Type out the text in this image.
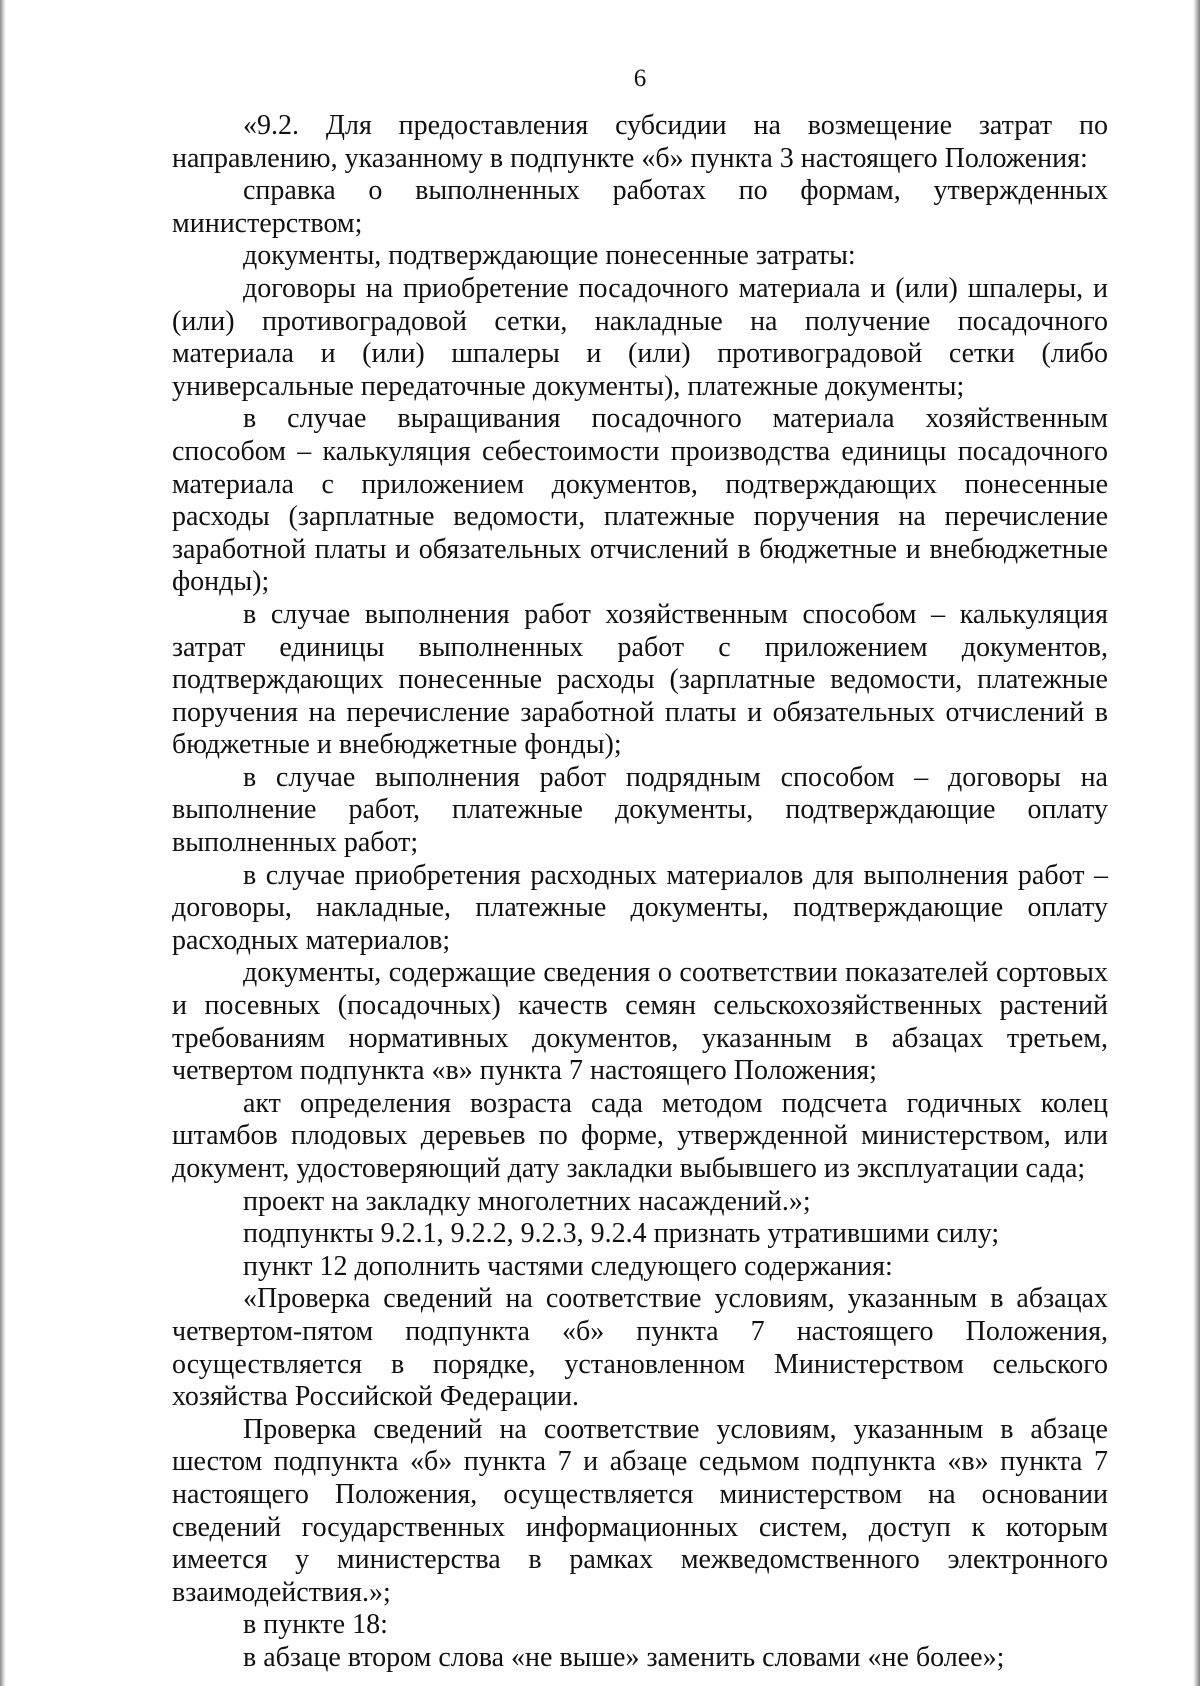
6

«9.2. Для предоставления субсидии на возмещение затрат по направлению, указанному в подпункте «б» пункта 3 настоящего Положения:

справка о выполненных работах по формам, утвержденных министерством;

документы, подтверждающие понесенные затраты:

договоры на приобретение посадочного материала и (или) шпалеры, и (или) противоградовой сетки, накладные на получение посадочного материала и (или) шпалеры и (или) противоградовой сетки (либо универсальные передаточные документы), платежные документы;

в случае выращивания посадочного материала хозяйственным способом – калькуляция себестоимости производства единицы посадочного материала с приложением документов, подтверждающих понесенные расходы (зарплатные ведомости, платежные поручения на перечисление заработной платы и обязательных отчислений в бюджетные и внебюджетные фонды);

в случае выполнения работ хозяйственным способом – калькуляция затрат единицы выполненных работ с приложением документов, подтверждающих понесенные расходы (зарплатные ведомости, платежные поручения на перечисление заработной платы и обязательных отчислений в бюджетные и внебюджетные фонды);

в случае выполнения работ подрядным способом – договоры на выполнение работ, платежные документы, подтверждающие оплату выполненных работ;

в случае приобретения расходных материалов для выполнения работ – договоры, накладные, платежные документы, подтверждающие оплату расходных материалов;

документы, содержащие сведения о соответствии показателей сортовых и посевных (посадочных) качеств семян сельскохозяйственных растений требованиям нормативных документов, указанным в абзацах третьем, четвертом подпункта «в» пункта 7 настоящего Положения;

акт определения возраста сада методом подсчета годичных колец штамбов плодовых деревьев по форме, утвержденной министерством, или документ, удостоверяющий дату закладки выбывшего из эксплуатации сада;

проект на закладку многолетних насаждений.»;

подпункты 9.2.1, 9.2.2, 9.2.3, 9.2.4 признать утратившими силу;

пункт 12 дополнить частями следующего содержания:

«Проверка сведений на соответствие условиям, указанным в абзацах четвертом-пятом подпункта «б» пункта 7 настоящего Положения, осуществляется в порядке, установленном Министерством сельского хозяйства Российской Федерации.

Проверка сведений на соответствие условиям, указанным в абзаце шестом подпункта «б» пункта 7 и абзаце седьмом подпункта «в» пункта 7 настоящего Положения, осуществляется министерством на основании сведений государственных информационных систем, доступ к которым имеется у министерства в рамках межведомственного электронного взаимодействия.»;

в пункте 18:

в абзаце втором слова «не выше» заменить словами «не более»;
